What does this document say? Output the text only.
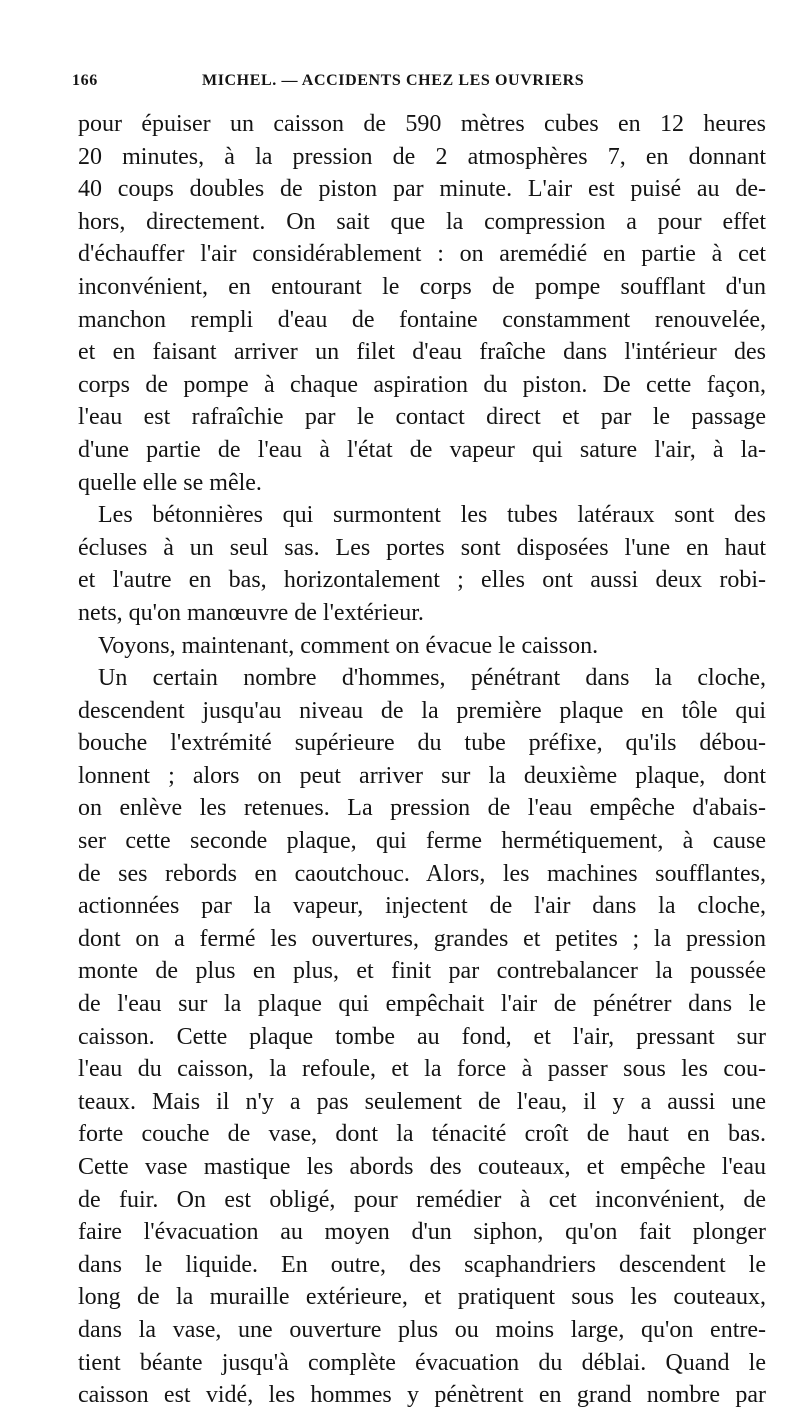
166	MICHEL. — ACCIDENTS CHEZ LES OUVRIERS
pour épuiser un caisson de 590 mètres cubes en 12 heures
20 minutes, à la pression de 2 atmosphères 7, en donnant
40 coups doubles de piston par minute. L'air est puisé au de-
hors, directement. On sait que la compression a pour effet
d'échauffer l'air considérablement : on aremédié en partie à cet
inconvénient, en entourant le corps de pompe soufflant d'un
manchon rempli d'eau de fontaine constamment renouvelée,
et en faisant arriver un filet d'eau fraîche dans l'intérieur des
corps de pompe à chaque aspiration du piston. De cette façon,
l'eau est rafraîchie par le contact direct et par le passage
d'une partie de l'eau à l'état de vapeur qui sature l'air, à la-
quelle elle se mêle.
Les bétonnières qui surmontent les tubes latéraux sont des
écluses à un seul sas. Les portes sont disposées l'une en haut
et l'autre en bas, horizontalement ; elles ont aussi deux robi-
nets, qu'on manœuvre de l'extérieur.
Voyons, maintenant, comment on évacue le caisson.
Un certain nombre d'hommes, pénétrant dans la cloche,
descendent jusqu'au niveau de la première plaque en tôle qui
bouche l'extrémité supérieure du tube préfixe, qu'ils débou-
lonnent ; alors on peut arriver sur la deuxième plaque, dont
on enlève les retenues. La pression de l'eau empêche d'abais-
ser cette seconde plaque, qui ferme hermétiquement, à cause
de ses rebords en caoutchouc. Alors, les machines soufflantes,
actionnées par la vapeur, injectent de l'air dans la cloche,
dont on a fermé les ouvertures, grandes et petites ; la pression
monte de plus en plus, et finit par contrebalancer la poussée
de l'eau sur la plaque qui empêchait l'air de pénétrer dans le
caisson. Cette plaque tombe au fond, et l'air, pressant sur
l'eau du caisson, la refoule, et la force à passer sous les cou-
teaux. Mais il n'y a pas seulement de l'eau, il y a aussi une
forte couche de vase, dont la ténacité croît de haut en bas.
Cette vase mastique les abords des couteaux, et empêche l'eau
de fuir. On est obligé, pour remédier à cet inconvénient, de
faire l'évacuation au moyen d'un siphon, qu'on fait plonger
dans le liquide. En outre, des scaphandriers descendent le
long de la muraille extérieure, et pratiquent sous les couteaux,
dans la vase, une ouverture plus ou moins large, qu'on entre-
tient béante jusqu'à complète évacuation du déblai. Quand le
caisson est vidé, les hommes y pénètrent en grand nombre par
